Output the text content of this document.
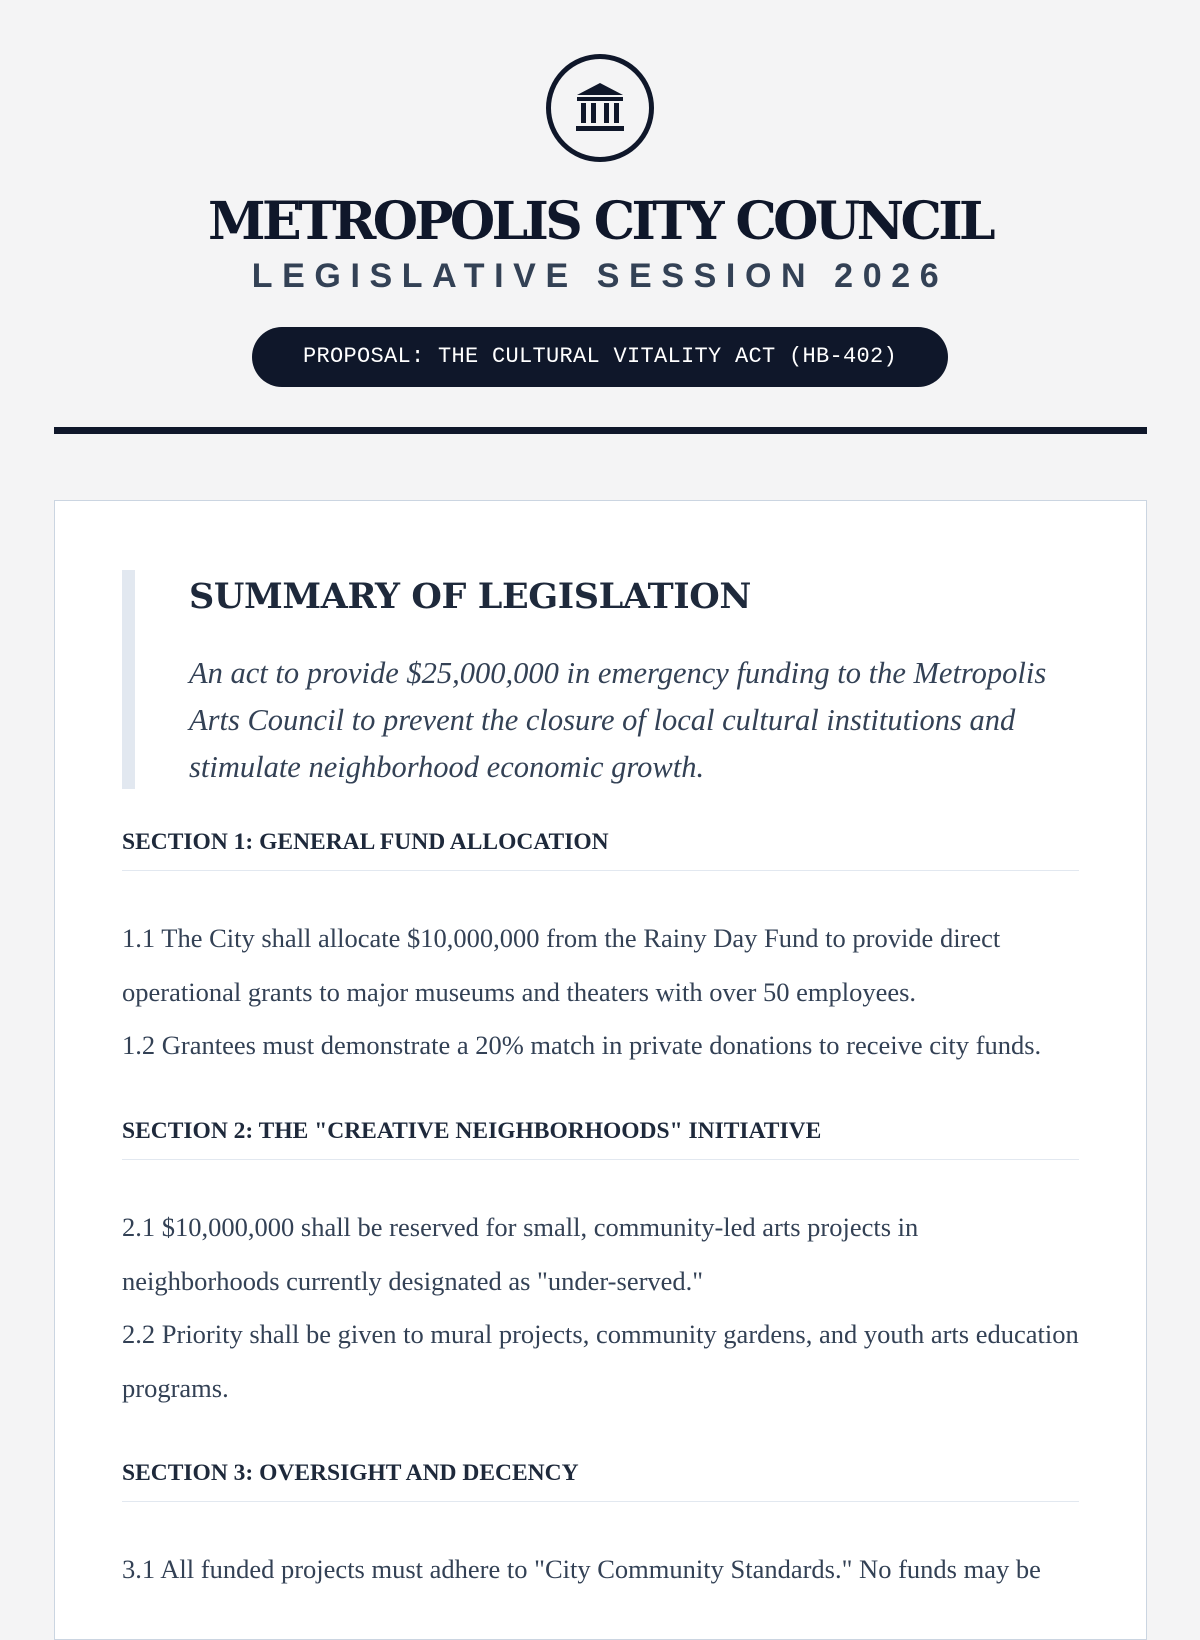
METROPOLIS CITY COUNCIL
LEGISLATIVE SESSION 2026
PROPOSAL: THE CULTURAL VITALITY ACT (HB-402)
SUMMARY OF LEGISLATION

An act to provide $25,000,000 in emergency funding to the Metropolis Arts Council to prevent the closure of local cultural institutions and stimulate neighborhood economic growth.

SECTION 1: GENERAL FUND ALLOCATION

1.1 The City shall allocate $10,000,000 from the Rainy Day Fund to provide direct operational grants to major museums and theaters with over 50 employees.

1.2 Grantees must demonstrate a 20% match in private donations to receive city funds.

SECTION 2: THE "CREATIVE NEIGHBORHOODS" INITIATIVE

2.1 $10,000,000 shall be reserved for small, community-led arts projects in neighborhoods currently designated as "under-served."

2.2 Priority shall be given to mural projects, community gardens, and youth arts education programs.

SECTION 3: OVERSIGHT AND DECENCY

3.1 All funded projects must adhere to "City Community Standards." No funds may be
